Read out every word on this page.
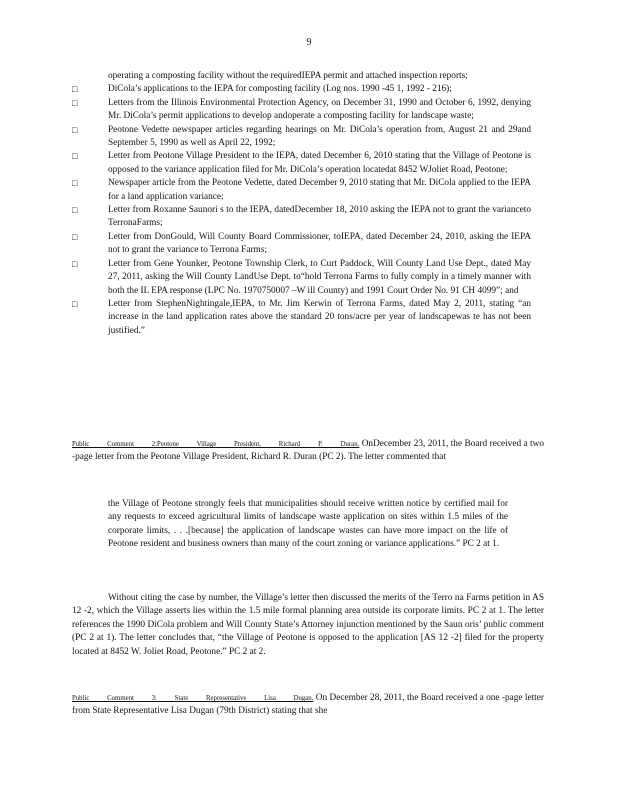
9
operating a composting facility without the requiredIEPA permit and attached inspection reports;
□	DiCola’s applications to the IEPA for composting facility (Log nos. 1990 -45 1, 1992 - 216);
□	Letters from the Illinois Environmental Protection Agency, on December 31, 1990 and October 6, 1992, denying Mr. DiCola’s permit applications to develop andoperate a composting facility for landscape waste;
□	Peotone Vedette newspaper articles regarding hearings on Mr. DiCola’s operation from, August 21 and 29and September 5, 1990 as well as April 22, 1992;
□	Letter from Peotone Village President to the IEPA, dated December 6, 2010 stating that the Village of Peotone is opposed to the variance application filed for Mr. DiCola’s operation locatedat 8452 WJoliet Road, Peotone;
□	Newspaper article from the Peotone Vedette, dated December 9, 2010 stating that Mr. DiCola applied to the IEPA for a land application variance;
□	Letter from Roxanne Saunori s to the IEPA, datedDecember 18, 2010 asking the IEPA not to grant the varianceto TerronaFarms;
□	Letter from DonGould, Will County Board Commissioner, toIEPA, dated December 24, 2010, asking the IEPA not to grant the variance to Terrona Farms;
□	Letter from Gene Younker, Peotone Township Clerk, to Curt Paddock, Will County Land Use Dept., dated May 27, 2011, asking the Will County LandUse Dept. to“hold Terrona Farms to fully comply in a timely manner with both the IL EPA response (LPC No. 1970750007 –W ill County) and 1991 Court Order No. 91 CH 4099”; and
□	Letter from StephenNightingale,IEPA, to Mr. Jim Kerwin of Terrona Farms, dated May 2, 2011, stating “an increase in the land application rates above the standard 20 tons/acre per year of landscapewas te has not been justified.”
Public Comment 2:Peotone Village President, Richard P. Duran. OnDecember 23, 2011, the Board received a two -page letter from the Peotone Village President, Richard R. Duran (PC 2). The letter commented that
the Village of Peotone strongly feels that municipalities should receive written notice by certified mail for any requests to exceed agricultural limits of landscape waste application on sites within 1.5 miles of the corporate limits, . . .[because] the application of landscape wastes can have more impact on the life of Peotone resident and business owners than many of the court zoning or variance applications.” PC 2 at 1.
Without citing the case by number, the Village’s letter then discussed the merits of the Terro na Farms petition in AS 12 -2, which the Village asserts lies within the 1.5 mile formal planning area outside its corporate limits. PC 2 at 1. The letter references the 1990 DiCola problem and Will County State’s Attorney injunction mentioned by the Saun oris’ public comment (PC 2 at 1). The letter concludes that, “the Village of Peotone is opposed to the application [AS 12 -2] filed for the property located at 8452 W. Joliet Road, Peotone.” PC 2 at 2.
Public Comment 3: State Representative Lisa Dugan. On December 28, 2011, the Board received a one -page letter from State Representative Lisa Dugan (79th District) stating that she
